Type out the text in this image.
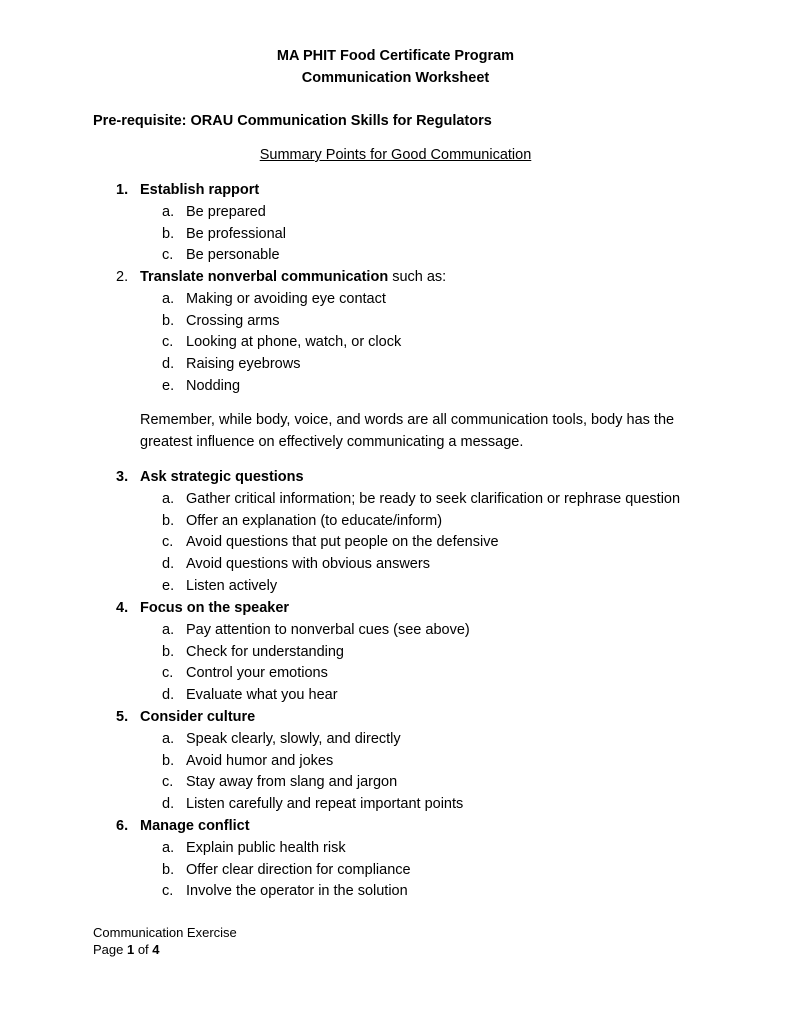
MA PHIT Food Certificate Program
Communication Worksheet
Pre-requisite: ORAU Communication Skills for Regulators
Summary Points for Good Communication
1. Establish rapport
a. Be prepared
b. Be professional
c. Be personable
2. Translate nonverbal communication such as:
a. Making or avoiding eye contact
b. Crossing arms
c. Looking at phone, watch, or clock
d. Raising eyebrows
e. Nodding
Remember, while body, voice, and words are all communication tools, body has the greatest influence on effectively communicating a message.
3. Ask strategic questions
a. Gather critical information; be ready to seek clarification or rephrase question
b. Offer an explanation (to educate/inform)
c. Avoid questions that put people on the defensive
d. Avoid questions with obvious answers
e. Listen actively
4. Focus on the speaker
a. Pay attention to nonverbal cues (see above)
b. Check for understanding
c. Control your emotions
d. Evaluate what you hear
5. Consider culture
a. Speak clearly, slowly, and directly
b. Avoid humor and jokes
c. Stay away from slang and jargon
d. Listen carefully and repeat important points
6. Manage conflict
a. Explain public health risk
b. Offer clear direction for compliance
c. Involve the operator in the solution
Communication Exercise
Page 1 of 4
